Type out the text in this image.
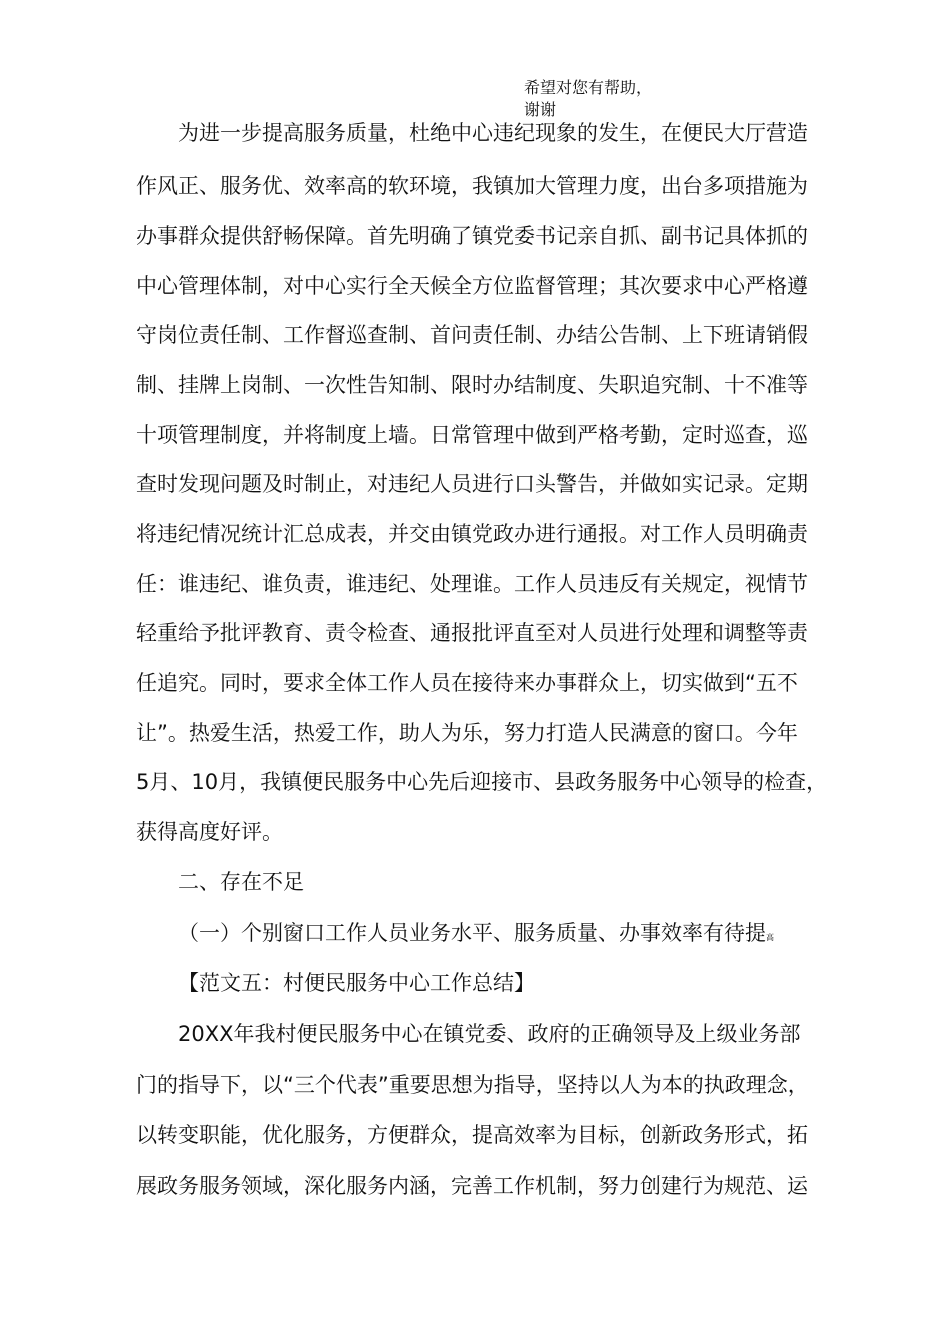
希望对您有帮助，
谢谢
为进一步提高服务质量，杜绝中心违纪现象的发生，在便民大厅营造
作风正、服务优、效率高的软环境，我镇加大管理力度，出台多项措施为
办事群众提供舒畅保障。首先明确了镇党委书记亲自抓、副书记具体抓的
中心管理体制，对中心实行全天候全方位监督管理；其次要求中心严格遵
守岗位责任制、工作督巡查制、首问责任制、办结公告制、上下班请销假
制、挂牌上岗制、一次性告知制、限时办结制度、失职追究制、十不准等
十项管理制度，并将制度上墙。日常管理中做到严格考勤，定时巡查，巡
查时发现问题及时制止，对违纪人员进行口头警告，并做如实记录。定期
将违纪情况统计汇总成表，并交由镇党政办进行通报。对工作人员明确责
任：谁违纪、谁负责，谁违纪、处理谁。工作人员违反有关规定，视情节
轻重给予批评教育、责令检查、通报批评直至对人员进行处理和调整等责
任追究。同时，要求全体工作人员在接待来办事群众上，切实做到“五不
让”。热爱生活，热爱工作，助人为乐，努力打造人民满意的窗口。今年
5月、10月，我镇便民服务中心先后迎接市、县政务服务中心领导的检查，
获得高度好评。
二、存在不足
（一）个别窗口工作人员业务水平、服务质量、办事效率有待提高
【范文五：村便民服务中心工作总结】
20XX年我村便民服务中心在镇党委、政府的正确领导及上级业务部
门的指导下，以“三个代表”重要思想为指导，坚持以人为本的执政理念，
以转变职能，优化服务，方便群众，提高效率为目标，创新政务形式，拓
展政务服务领域，深化服务内涵，完善工作机制，努力创建行为规范、运
